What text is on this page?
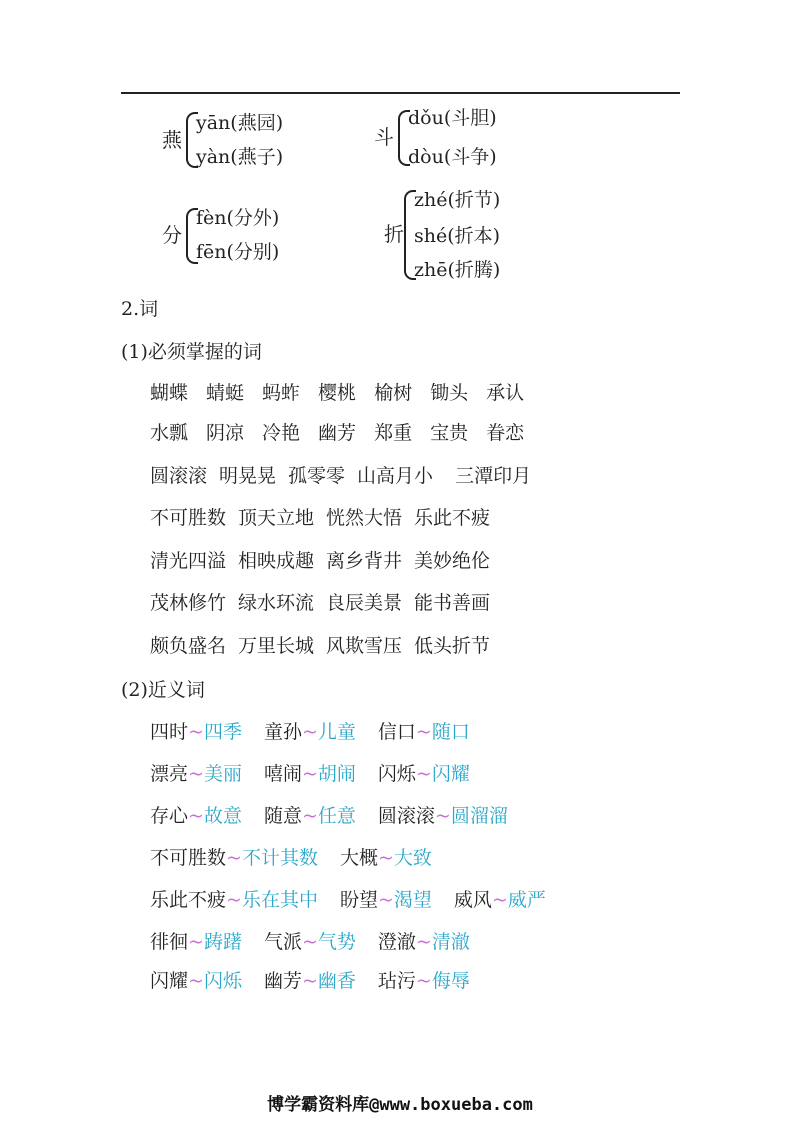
燕
yān(燕园)
yàn(燕子)
斗
dǒu(斗胆)
dòu(斗争)
分
fèn(分外)
fēn(分别)
折
zhé(折节)
shé(折本)
zhē(折腾)
2.词
(1)必须掌握的词
蝴蝶 蜻蜓 蚂蚱 樱桃 榆树 锄头 承认
水瓢 阴凉 冷艳 幽芳 郑重 宝贵 眷恋
圆滚滚 明晃晃 孤零零 山高月小 三潭印月
不可胜数 顶天立地 恍然大悟 乐此不疲
清光四溢 相映成趣 离乡背井 美妙绝伦
茂林修竹 绿水环流 良辰美景 能书善画
颇负盛名 万里长城 风欺雪压 低头折节
(2)近义词
四时~四季 童孙~儿童 信口~随口
漂亮~美丽 嘻闹~胡闹 闪烁~闪耀
存心~故意 随意~任意 圆滚滚~圆溜溜
不可胜数~不计其数 大概~大致
乐此不疲~乐在其中 盼望~渴望 威风~威严
徘徊~踌躇 气派~气势 澄澈~清澈
闪耀~闪烁 幽芳~幽香 玷污~侮辱
博学霸资料库@www.boxueba.com
